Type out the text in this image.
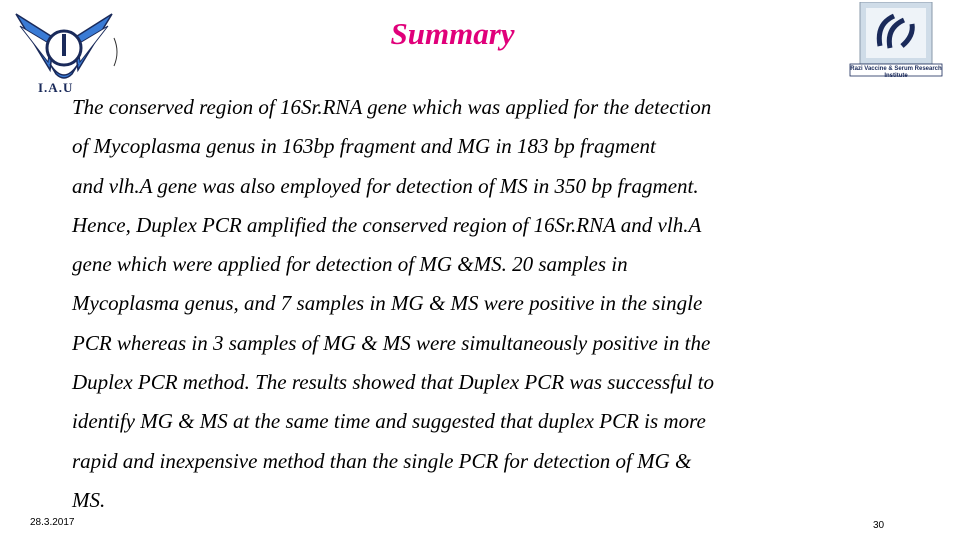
I.A.U
Summary
Razi Vaccine & Serum Research Institute
The conserved region of 16Sr.RNA gene which was applied for the detection
of Mycoplasma genus in 163bp fragment and MG in 183 bp fragment
and vlh.A gene was also employed for detection of MS in 350 bp fragment.
Hence, Duplex PCR amplified the conserved region of 16Sr.RNA and vlh.A
gene which were applied for detection of MG &MS. 20 samples in
Mycoplasma genus, and 7 samples in MG & MS were positive in the single
PCR whereas in 3 samples of MG & MS were simultaneously positive in the
Duplex PCR method. The results showed that Duplex PCR was successful to
identify MG & MS at the same time and suggested that duplex PCR is more
rapid and inexpensive method than the single PCR for detection of MG &
MS.
28.3.2017	30
